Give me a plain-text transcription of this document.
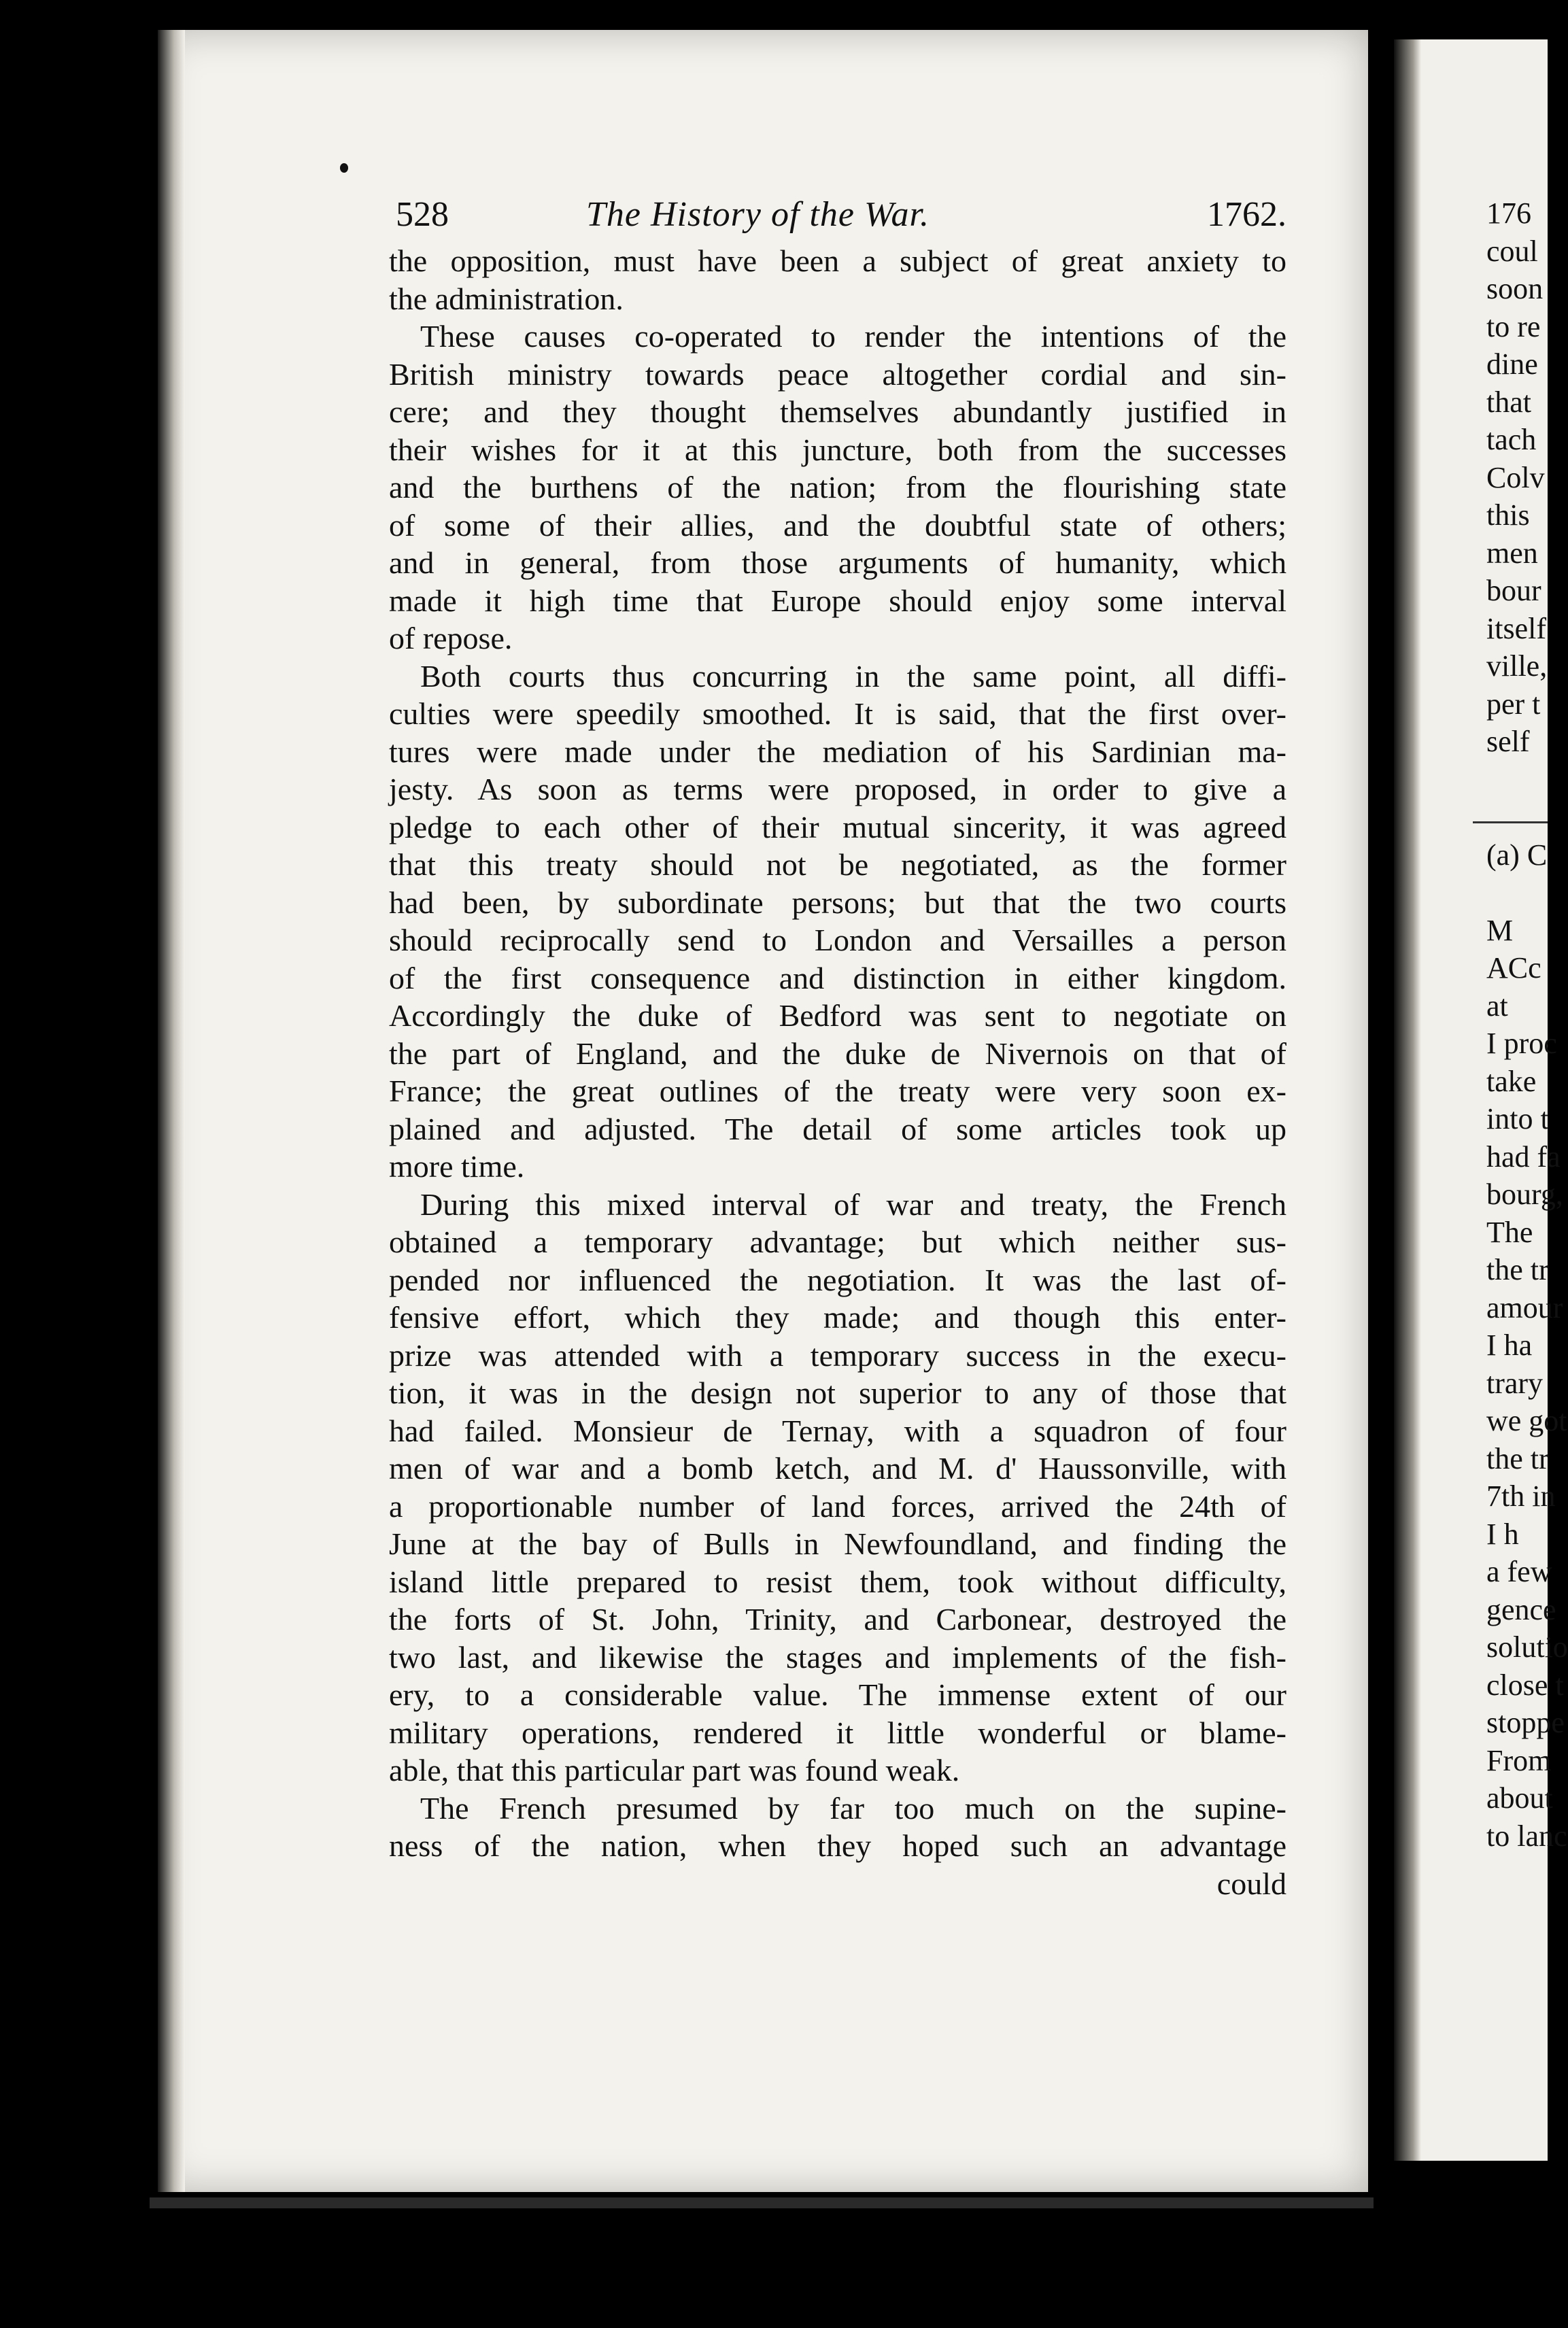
176
coul
soon
to re
dine
that
tach
Colv
this
men
bour
itself
ville,
per t
self
(a) C
M
ACc
at
I proc
take
into t
had fa
bourg,
The
the tr
amour
I ha
trary
we got
the tr
7th in
I h
a few
gence
solutio
close t
stoppe
From
about
to lanc
528	The History of the War.	1762.
the opposition, must have been a subject of great anxiety to
the administration.
These causes co-operated to render the intentions of the
British ministry towards peace altogether cordial and sin-
cere; and they thought themselves abundantly justified in
their wishes for it at this juncture, both from the successes
and the burthens of the nation; from the flourishing state
of some of their allies, and the doubtful state of others;
and in general, from those arguments of humanity, which
made it high time that Europe should enjoy some interval
of repose.
Both courts thus concurring in the same point, all diffi-
culties were speedily smoothed. It is said, that the first over-
tures were made under the mediation of his Sardinian ma-
jesty. As soon as terms were proposed, in order to give a
pledge to each other of their mutual sincerity, it was agreed
that this treaty should not be negotiated, as the former
had been, by subordinate persons; but that the two courts
should reciprocally send to London and Versailles a person
of the first consequence and distinction in either kingdom.
Accordingly the duke of Bedford was sent to negotiate on
the part of England, and the duke de Nivernois on that of
France; the great outlines of the treaty were very soon ex-
plained and adjusted. The detail of some articles took up
more time.
During this mixed interval of war and treaty, the French
obtained a temporary advantage; but which neither sus-
pended nor influenced the negotiation. It was the last of-
fensive effort, which they made; and though this enter-
prize was attended with a temporary success in the execu-
tion, it was in the design not superior to any of those that
had failed. Monsieur de Ternay, with a squadron of four
men of war and a bomb ketch, and M. d' Haussonville, with
a proportionable number of land forces, arrived the 24th of
June at the bay of Bulls in Newfoundland, and finding the
island little prepared to resist them, took without difficulty,
the forts of St. John, Trinity, and Carbonear, destroyed the
two last, and likewise the stages and implements of the fish-
ery, to a considerable value. The immense extent of our
military operations, rendered it little wonderful or blame-
able, that this particular part was found weak.
The French presumed by far too much on the supine-
ness of the nation, when they hoped such an advantage
could
